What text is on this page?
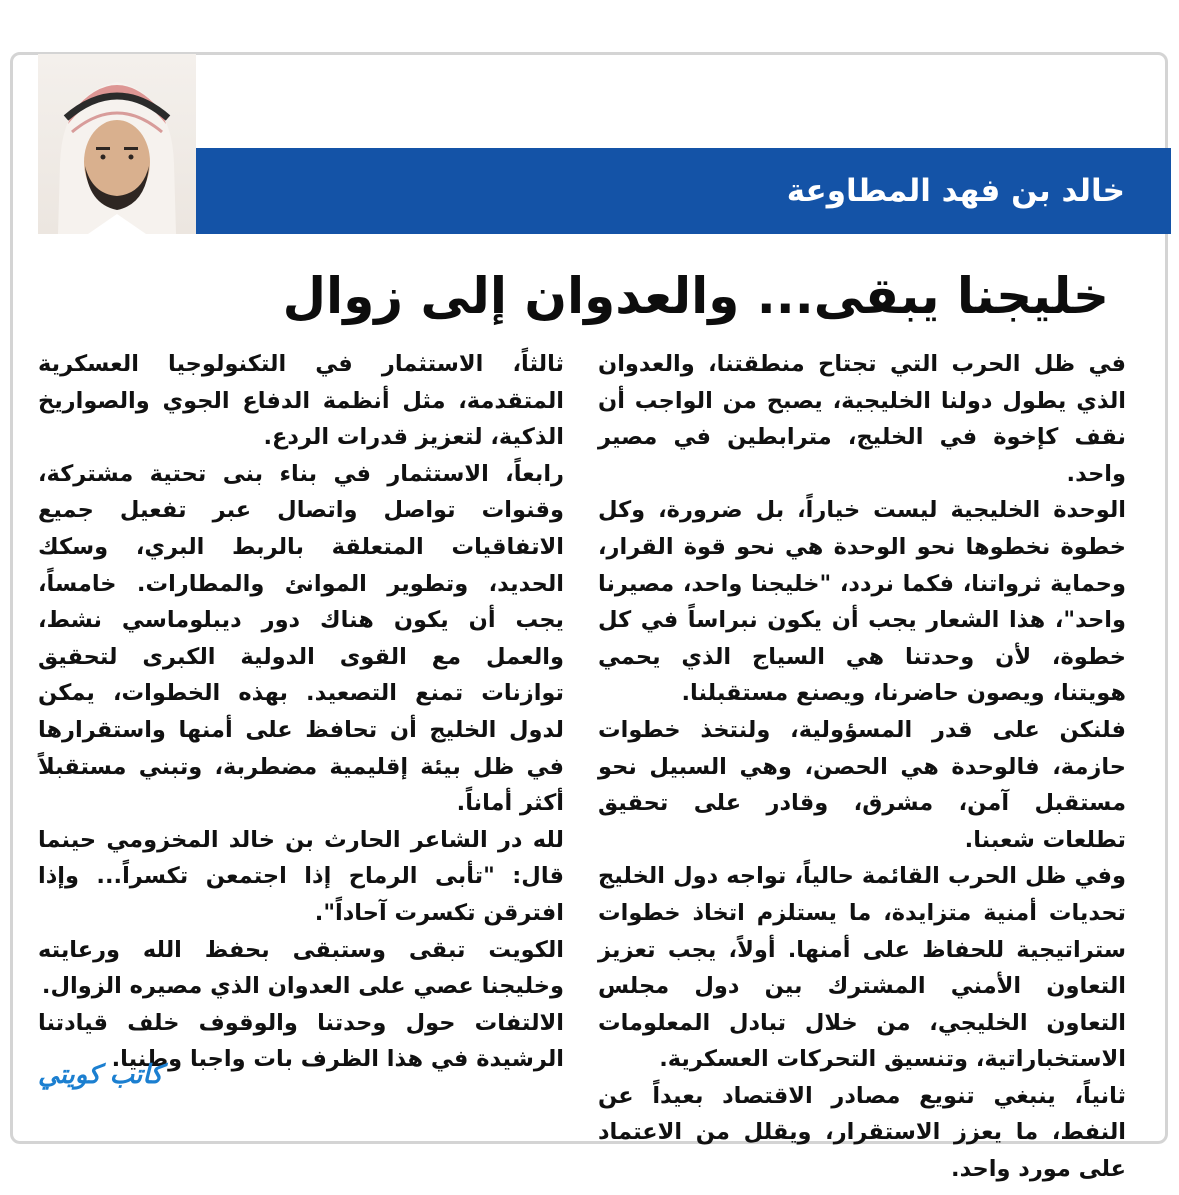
خالد بن فهد المطاوعة
خليجنا يبقى... والعدوان إلى زوال

في ظل الحرب التي تجتاح منطقتنا، والعدوان الذي يطول دولنا الخليجية، يصبح من الواجب أن نقف كإخوة في الخليج، مترابطين في مصير واحد.

الوحدة الخليجية ليست خياراً، بل ضرورة، وكل خطوة نخطوها نحو الوحدة هي نحو قوة القرار، وحماية ثرواتنا، فكما نردد، "خليجنا واحد، مصيرنا واحد"، هذا الشعار يجب أن يكون نبراساً في كل خطوة، لأن وحدتنا هي السياج الذي يحمي هويتنا، ويصون حاضرنا، ويصنع مستقبلنا.

فلنكن على قدر المسؤولية، ولنتخذ خطوات حازمة، فالوحدة هي الحصن، وهي السبيل نحو مستقبل آمن، مشرق، وقادر على تحقيق تطلعات شعبنا.

وفي ظل الحرب القائمة حالياً، تواجه دول الخليج تحديات أمنية متزايدة، ما يستلزم اتخاذ خطوات ستراتيجية للحفاظ على أمنها. أولاً، يجب تعزيز التعاون الأمني المشترك بين دول مجلس التعاون الخليجي، من خلال تبادل المعلومات الاستخباراتية، وتنسيق التحركات العسكرية.

ثانياً، ينبغي تنويع مصادر الاقتصاد بعيداً عن النفط، ما يعزز الاستقرار، ويقلل من الاعتماد على مورد واحد.

ثالثاً، الاستثمار في التكنولوجيا العسكرية المتقدمة، مثل أنظمة الدفاع الجوي والصواريخ الذكية، لتعزيز قدرات الردع.

رابعاً، الاستثمار في بناء بنى تحتية مشتركة، وقنوات تواصل واتصال عبر تفعيل جميع الاتفاقيات المتعلقة بالربط البري، وسكك الحديد، وتطوير الموانئ والمطارات. خامساً، يجب أن يكون هناك دور ديبلوماسي نشط، والعمل مع القوى الدولية الكبرى لتحقيق توازنات تمنع التصعيد. بهذه الخطوات، يمكن لدول الخليج أن تحافظ على أمنها واستقرارها في ظل بيئة إقليمية مضطربة، وتبني مستقبلاً أكثر أماناً.

لله در الشاعر الحارث بن خالد المخزومي حينما قال: "تأبى الرماح إذا اجتمعن تكسراً... وإذا افترقن تكسرت آحاداً".

الكويت تبقى وستبقى بحفظ الله ورعايته وخليجنا عصي على العدوان الذي مصيره الزوال.

الالتفات حول وحدتنا والوقوف خلف قيادتنا الرشيدة في هذا الظرف بات واجبا وطنيا.

كاتب كويتي
